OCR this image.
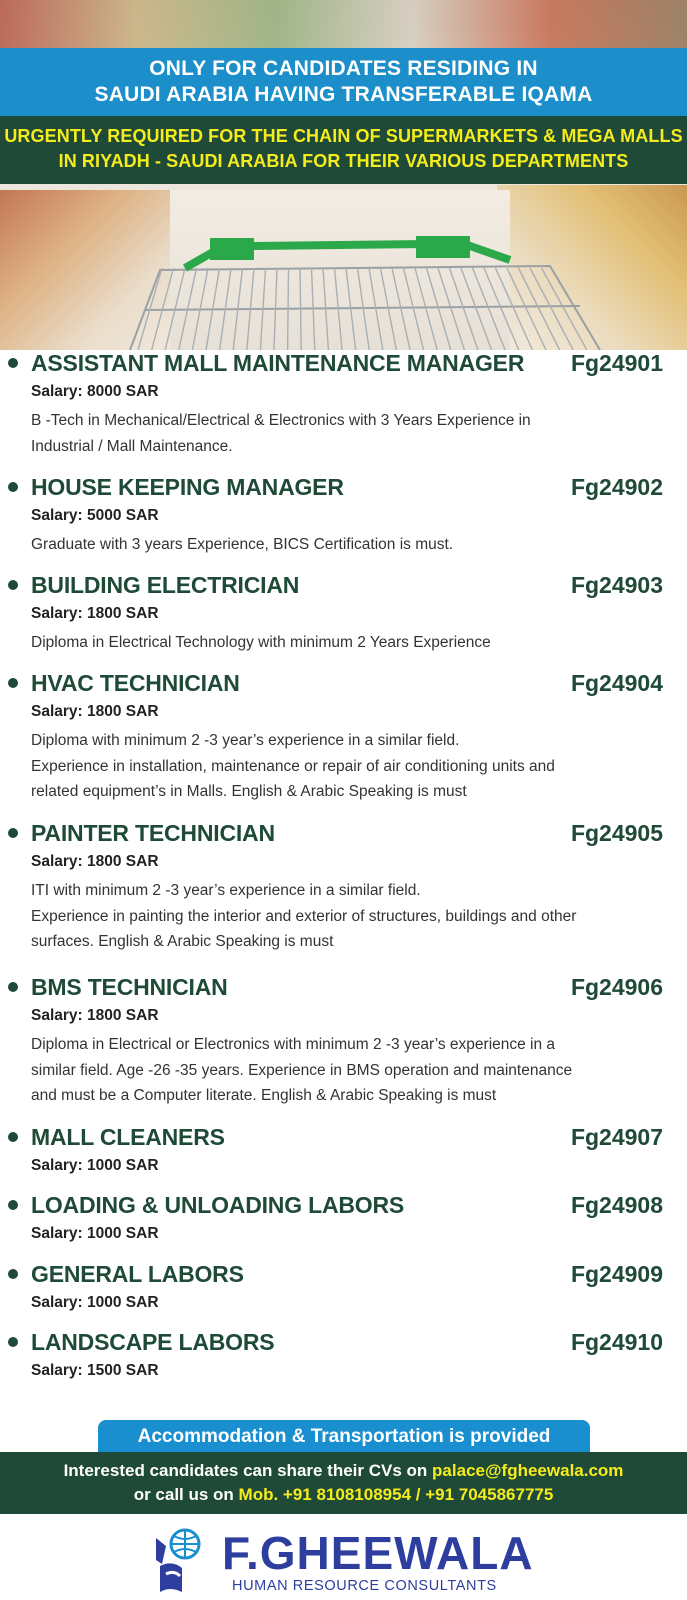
ONLY FOR CANDIDATES RESIDING IN
SAUDI ARABIA HAVING TRANSFERABLE IQAMA
URGENTLY REQUIRED FOR THE CHAIN OF SUPERMARKETS & MEGA MALLS
IN RIYADH - SAUDI ARABIA FOR THEIR VARIOUS DEPARTMENTS
ASSISTANT MALL MAINTENANCE MANAGER Fg24901
Salary: 8000 SAR
B -Tech in Mechanical/Electrical & Electronics with 3 Years Experience in
Industrial / Mall Maintenance.
HOUSE KEEPING MANAGER	Fg24902
Salary: 5000 SAR
Graduate with 3 years Experience, BICS Certification is must.
BUILDING ELECTRICIAN	Fg24903
Salary: 1800 SAR
Diploma in Electrical Technology with minimum 2 Years Experience
HVAC TECHNICIAN	Fg24904
Salary: 1800 SAR
Diploma with minimum 2 -3 year’s experience in a similar field.
Experience in installation, maintenance or repair of air conditioning units and
related equipment’s in Malls. English & Arabic Speaking is must
PAINTER TECHNICIAN	Fg24905
Salary: 1800 SAR
ITI with minimum 2 -3 year’s experience in a similar field.
Experience in painting the interior and exterior of structures, buildings and other
surfaces. English & Arabic Speaking is must
BMS TECHNICIAN	Fg24906
Salary: 1800 SAR
Diploma in Electrical or Electronics with minimum 2 -3 year’s experience in a
similar field. Age -26 -35 years. Experience in BMS operation and maintenance
and must be a Computer literate. English & Arabic Speaking is must
MALL CLEANERS	Fg24907
Salary: 1000 SAR
LOADING & UNLOADING LABORS	Fg24908
Salary: 1000 SAR
GENERAL LABORS	Fg24909
Salary: 1000 SAR
LANDSCAPE LABORS	Fg24910
Salary: 1500 SAR
Accommodation & Transportation is provided
Interested candidates can share their CVs on palace@fgheewala.com
or call us on Mob. +91 8108108954 / +91 7045867775
F.GHEEWALA
HUMAN RESOURCE CONSULTANTS
